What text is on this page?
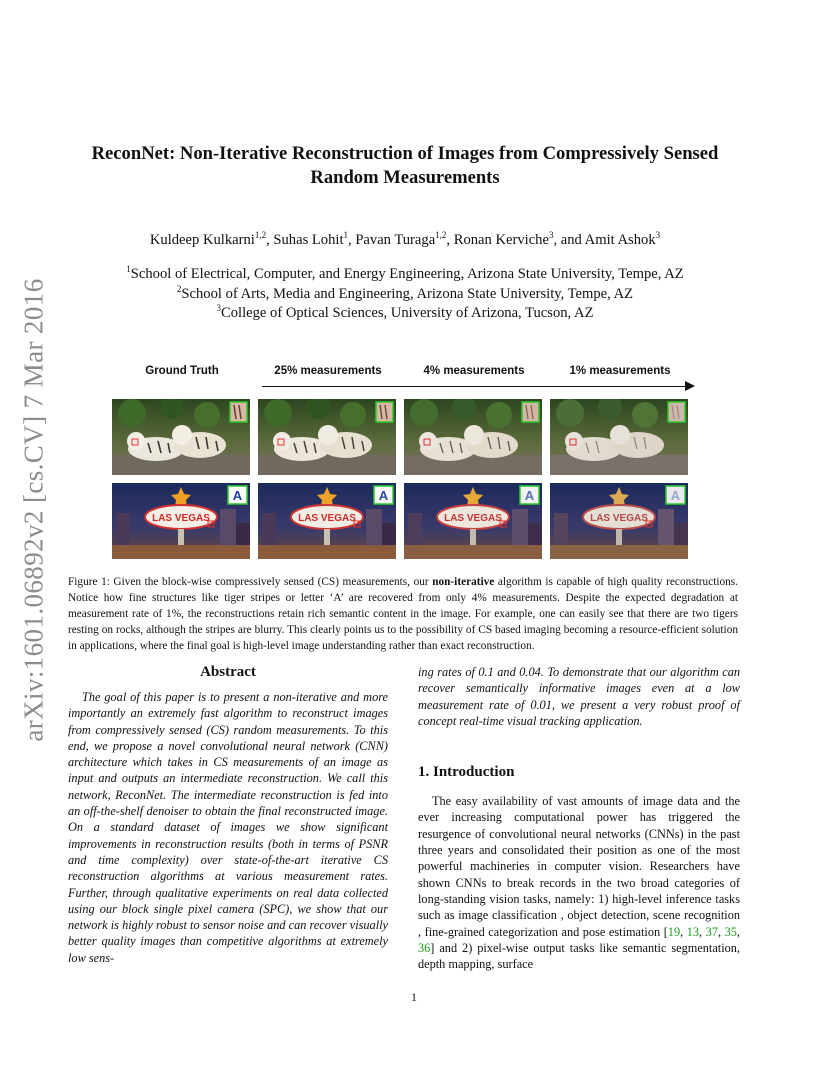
arXiv:1601.06892v2 [cs.CV] 7 Mar 2016
ReconNet: Non-Iterative Reconstruction of Images from Compressively Sensed
Random Measurements
Kuldeep Kulkarni$^{1,2}$, Suhas Lohit$^1$, Pavan Turaga$^{1,2}$, Ronan Kerviche$^3$, and Amit Ashok$^3$
$^1$School of Electrical, Computer, and Energy Engineering, Arizona State University, Tempe, AZ
$^2$School of Arts, Media and Engineering, Arizona State University, Tempe, AZ
$^3$College of Optical Sciences, University of Arizona, Tucson, AZ
Ground Truth	25% measurements	4% measurements	1% measurements
LAS VEGAS
A
LAS VEGAS
A
LAS VEGAS
A
LAS VEGAS
A
Figure 1: Given the block-wise compressively sensed (CS) measurements, our non-iterative algorithm is capable of high quality reconstructions. Notice how fine structures like tiger stripes or letter ‘A’ are recovered from only 4% measurements. Despite the expected degradation at measurement rate of 1%, the reconstructions retain rich semantic content in the image. For example, one can easily see that there are two tigers resting on rocks, although the stripes are blurry. This clearly points us to the possibility of CS based imaging becoming a resource-efficient solution in applications, where the final goal is high-level image understanding rather than exact reconstruction.
Abstract

The goal of this paper is to present a non-iterative and more importantly an extremely fast algorithm to reconstruct images from compressively sensed (CS) random measurements. To this end, we propose a novel convolutional neural network (CNN) architecture which takes in CS measurements of an image as input and outputs an intermediate reconstruction. We call this network, ReconNet. The intermediate reconstruction is fed into an off-the-shelf denoiser to obtain the final reconstructed image. On a standard dataset of images we show significant improvements in reconstruction results (both in terms of PSNR and time complexity) over state-of-the-art iterative CS reconstruction algorithms at various measurement rates. Further, through qualitative experiments on real data collected using our block single pixel camera (SPC), we show that our network is highly robust to sensor noise and can recover visually better quality images than competitive algorithms at extremely low sens-

ing rates of 0.1 and 0.04. To demonstrate that our algorithm can recover semantically informative images even at a low measurement rate of 0.01, we present a very robust proof of concept real-time visual tracking application.

1. Introduction

The easy availability of vast amounts of image data and the ever increasing computational power has triggered the resurgence of convolutional neural networks (CNNs) in the past three years and consolidated their position as one of the most powerful machineries in computer vision. Researchers have shown CNNs to break records in the two broad categories of long-standing vision tasks, namely: 1) high-level inference tasks such as image classification , object detection, scene recognition , fine-grained categorization and pose estimation [19, 13, 37, 35, 36] and 2) pixel-wise output tasks like semantic segmentation, depth mapping, surface

1
